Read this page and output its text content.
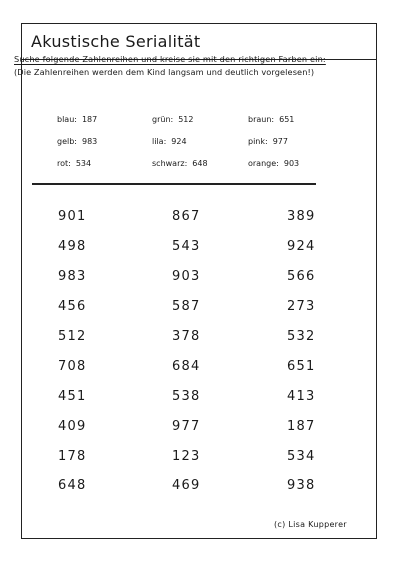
Akustische Serialität
Suche folgende Zahlenreihen und kreise sie mit den richtigen Farben ein:
(Die Zahlenreihen werden dem Kind langsam und deutlich vorgelesen!)
blau: 187	grün: 512	braun: 651
gelb: 983	lila: 924	pink: 977
rot: 534	schwarz: 648	orange: 903
901	867	389
498	543	924
983	903	566
456	587	273
512	378	532
708	684	651
451	538	413
409	977	187
178	123	534
648	469	938
(c) Lisa Kupperer
